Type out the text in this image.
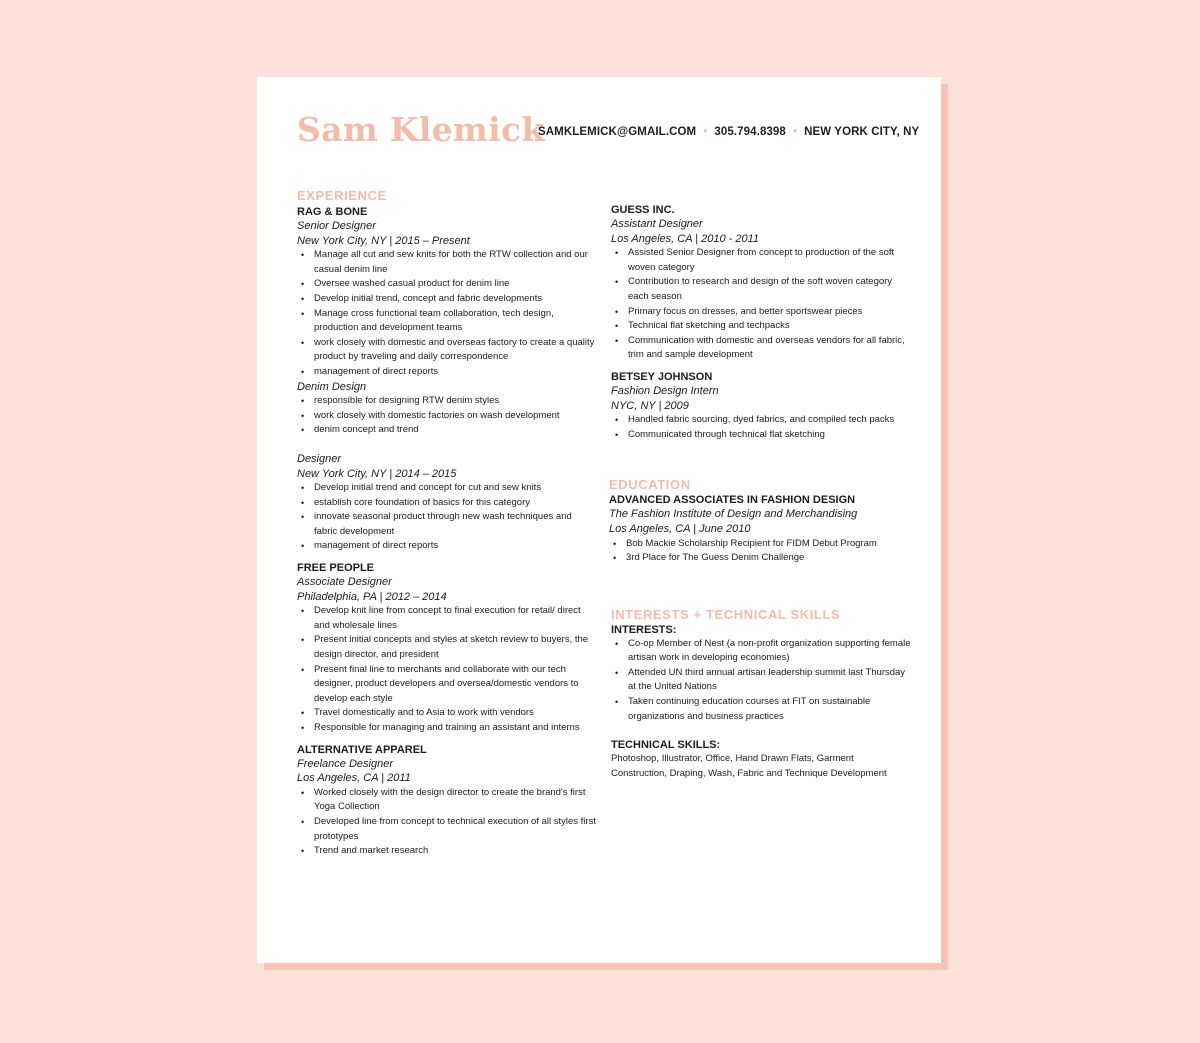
Sam Klemick
SAMKLEMICK@GMAIL.COM • 305.794.8398 • NEW YORK CITY, NY
EXPERIENCE
RAG & BONE
Senior Designer
New York City, NY | 2015 – Present
• Manage all cut and sew knits for both the RTW collection and our casual denim line
• Oversee washed casual product for denim line
• Develop initial trend, concept and fabric developments
• Manage cross functional team collaboration, tech design, production and development teams
• work closely with domestic and overseas factory to create a quality product by traveling and daily correspondence
• management of direct reports
Denim Design
• responsible for designing RTW denim styles
• work closely with domestic factories on wash development
• denim concept and trend
Designer
New York City, NY | 2014 – 2015
• Develop initial trend and concept for cut and sew knits
• establish core foundation of basics for this category
• innovate seasonal product through new wash techniques and fabric development
• management of direct reports
FREE PEOPLE
Associate Designer
Philadelphia, PA | 2012 – 2014
• Develop knit line from concept to final execution for retail/ direct and wholesale lines
• Present initial concepts and styles at sketch review to buyers, the design director, and president
• Present final line to merchants and collaborate with our tech designer, product developers and oversea/domestic vendors to develop each style
• Travel domestically and to Asia to work with vendors
• Responsible for managing and training an assistant and interns
ALTERNATIVE APPAREL
Freelance Designer
Los Angeles, CA | 2011
• Worked closely with the design director to create the brand's first Yoga Collection
• Developed line from concept to technical execution of all styles first prototypes
• Trend and market research
GUESS INC.
Assistant Designer
Los Angeles, CA | 2010 - 2011
• Assisted Senior Designer from concept to production of the soft woven category
• Contribution to research and design of the soft woven category each season
• Primary focus on dresses, and better sportswear pieces
• Technical flat sketching and techpacks
• Communication with domestic and overseas vendors for all fabric, trim and sample development
BETSEY JOHNSON
Fashion Design Intern
NYC, NY | 2009
• Handled fabric sourcing, dyed fabrics, and compiled tech packs
• Communicated through technical flat sketching
EDUCATION
ADVANCED ASSOCIATES IN FASHION DESIGN
The Fashion Institute of Design and Merchandising
Los Angeles, CA | June 2010
• Bob Mackie Scholarship Recipient for FIDM Debut Program
• 3rd Place for The Guess Denim Challenge
INTERESTS + TECHNICAL SKILLS
INTERESTS:
• Co-op Member of Nest (a non-profit organization supporting female artisan work in developing economies)
• Attended UN third annual artisan leadership summit last Thursday at the United Nations
• Taken continuing education courses at FIT on sustainable organizations and business practices
TECHNICAL SKILLS:
Photoshop, Illustrator, Office, Hand Drawn Flats, Garment Construction, Draping, Wash, Fabric and Technique Development
